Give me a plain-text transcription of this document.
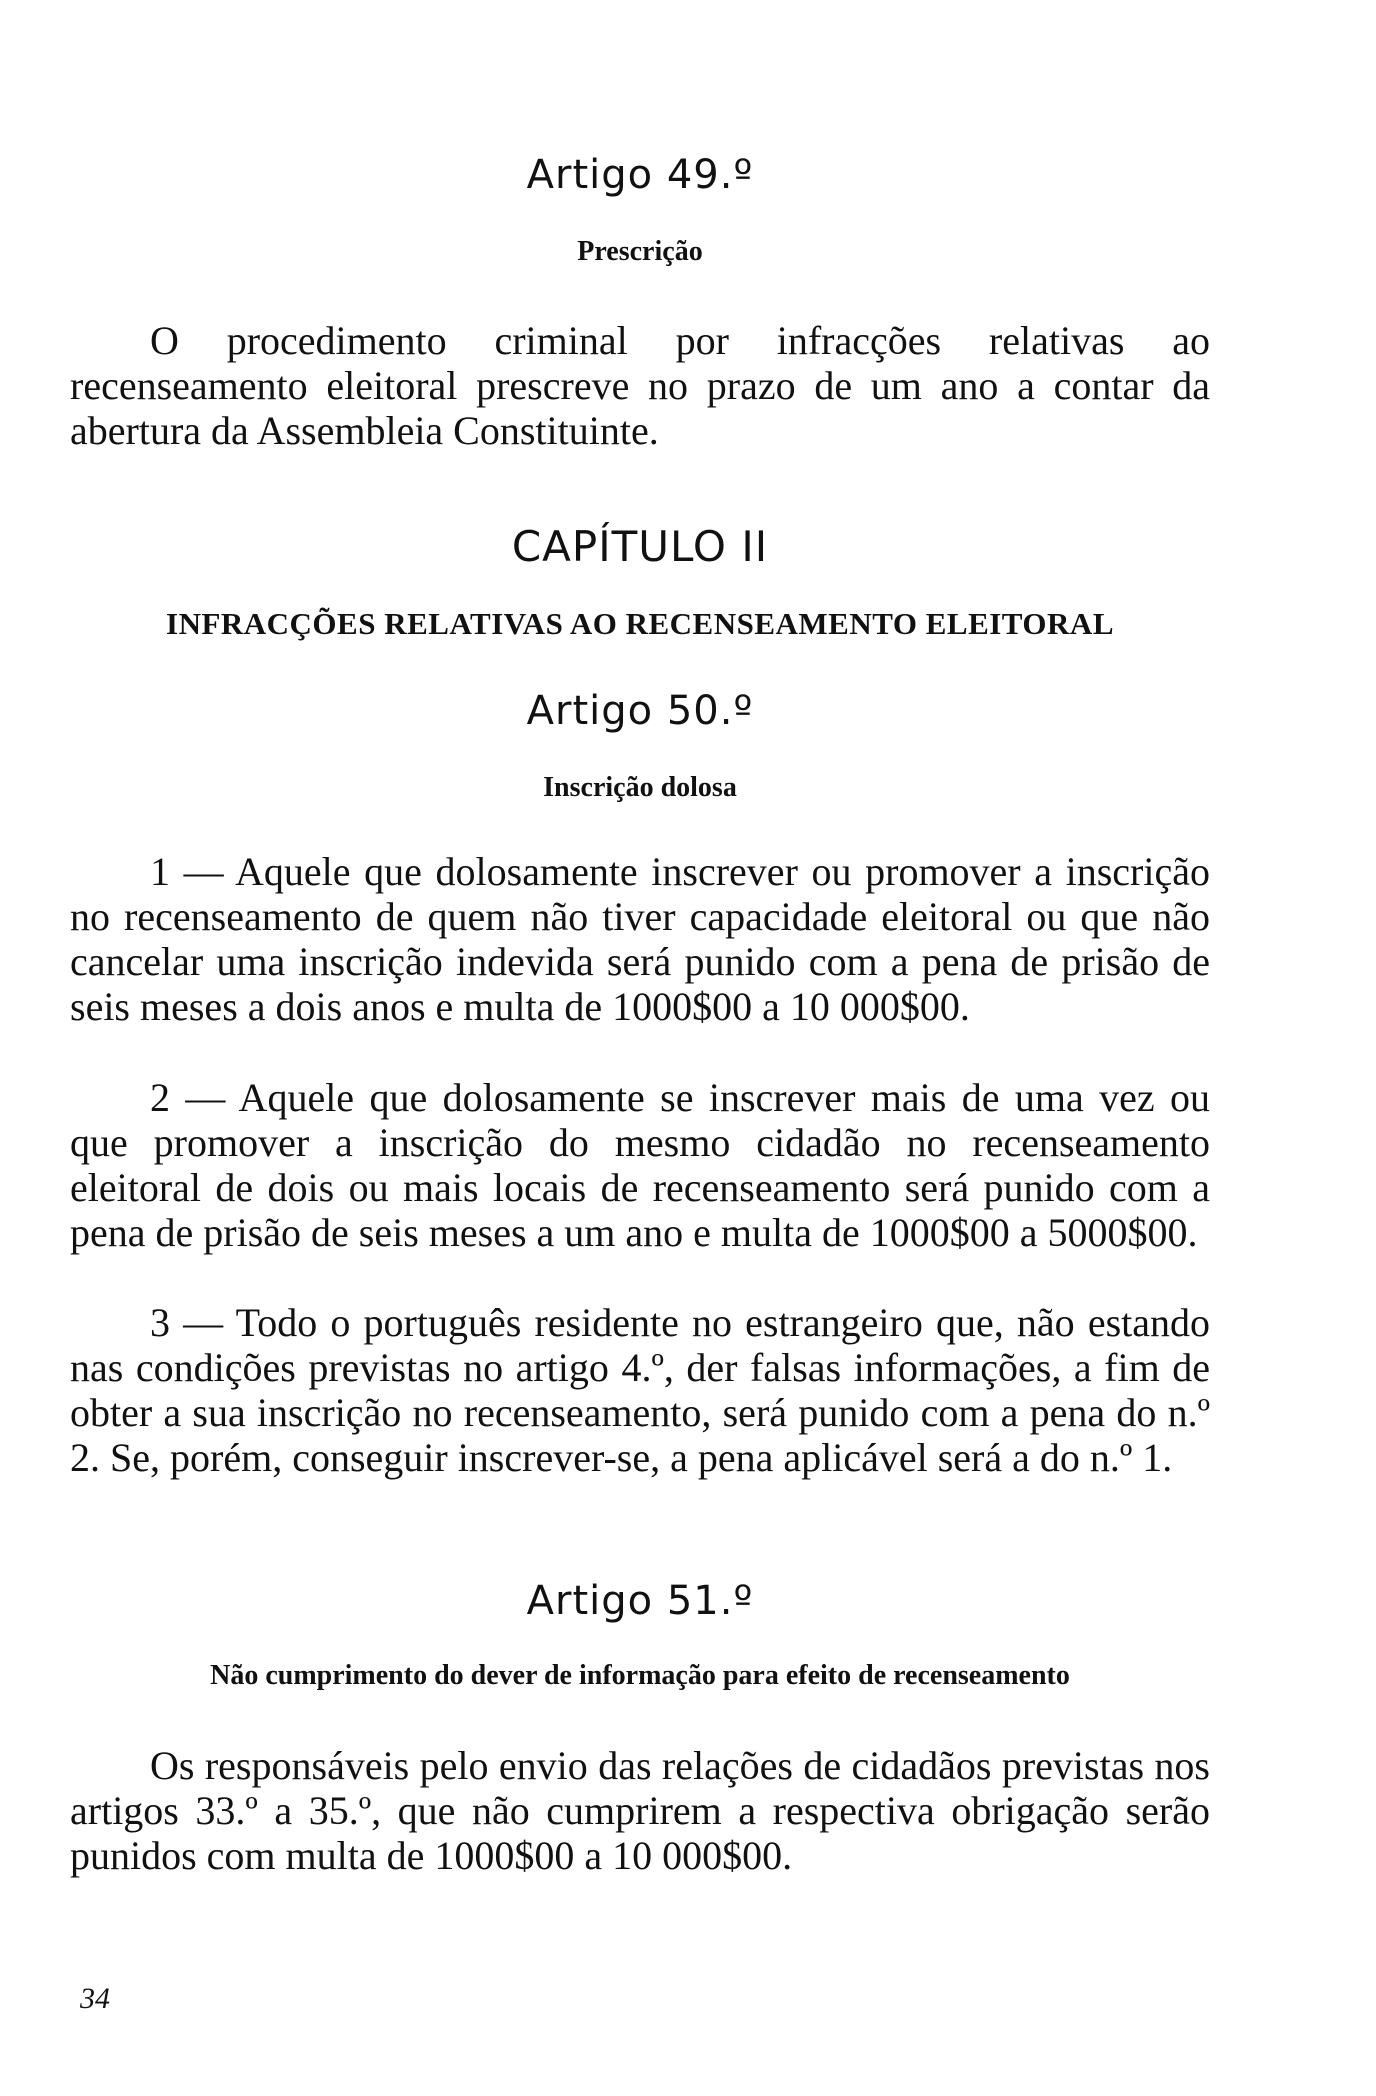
Artigo 49.º
Prescrição

O procedimento criminal por infracções relativas ao recenseamento eleitoral prescreve no prazo de um ano a contar da abertura da Assembleia Constituinte.

CAPÍTULO II
INFRACÇÕES RELATIVAS AO RECENSEAMENTO ELEITORAL
Artigo 50.º
Inscrição dolosa

1 — Aquele que dolosamente inscrever ou promover a inscrição no recenseamento de quem não tiver capacidade eleitoral ou que não cancelar uma inscrição indevida será punido com a pena de prisão de seis meses a dois anos e multa de 1000$00 a 10 000$00.

2 — Aquele que dolosamente se inscrever mais de uma vez ou que promover a inscrição do mesmo cidadão no recenseamento eleitoral de dois ou mais locais de recenseamento será punido com a pena de prisão de seis meses a um ano e multa de 1000$00 a 5000$00.

3 — Todo o português residente no estrangeiro que, não estando nas condições previstas no artigo 4.º, der falsas informações, a fim de obter a sua inscrição no recenseamento, será punido com a pena do n.º 2. Se, porém, conseguir inscrever-se, a pena aplicável será a do n.º 1.

Artigo 51.º
Não cumprimento do dever de informação para efeito de recenseamento

Os responsáveis pelo envio das relações de cidadãos previstas nos artigos 33.º a 35.º, que não cumprirem a respectiva obrigação serão punidos com multa de 1000$00 a 10 000$00.

34
